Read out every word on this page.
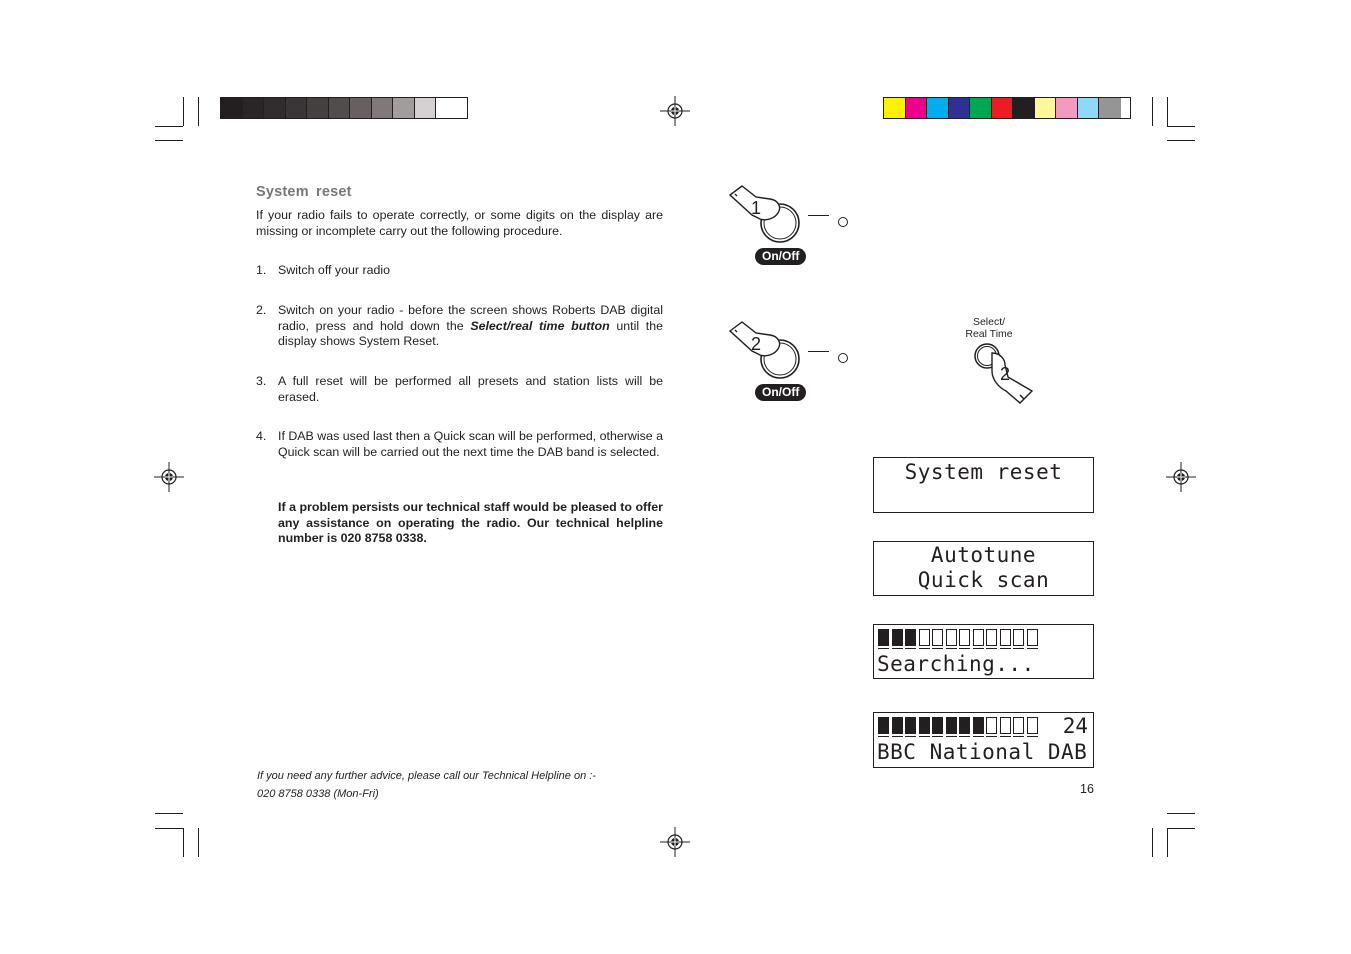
System reset
If your radio fails to operate correctly, or some digits on the display are missing or incomplete carry out the following procedure.
1. Switch off your radio
2. Switch on your radio - before the screen shows Roberts DAB digital radio, press and hold down the Select/real time button until the display shows System Reset.
3. A full reset will be performed all presets and station lists will be erased.
4. If DAB was used last then a Quick scan will be performed, otherwise a Quick scan will be carried out the next time the DAB band is selected.
If a problem persists our technical staff would be pleased to offer any assistance on operating the radio. Our technical helpline number is 020 8758 0338.
If you need any further advice, please call our Technical Helpline on :-
020 8758 0338 (Mon-Fri)	16
1
On/Off
2
On/Off
Select/
Real Time
2
System reset
Autotune
Quick scan
Searching...
24
BBC National DAB
